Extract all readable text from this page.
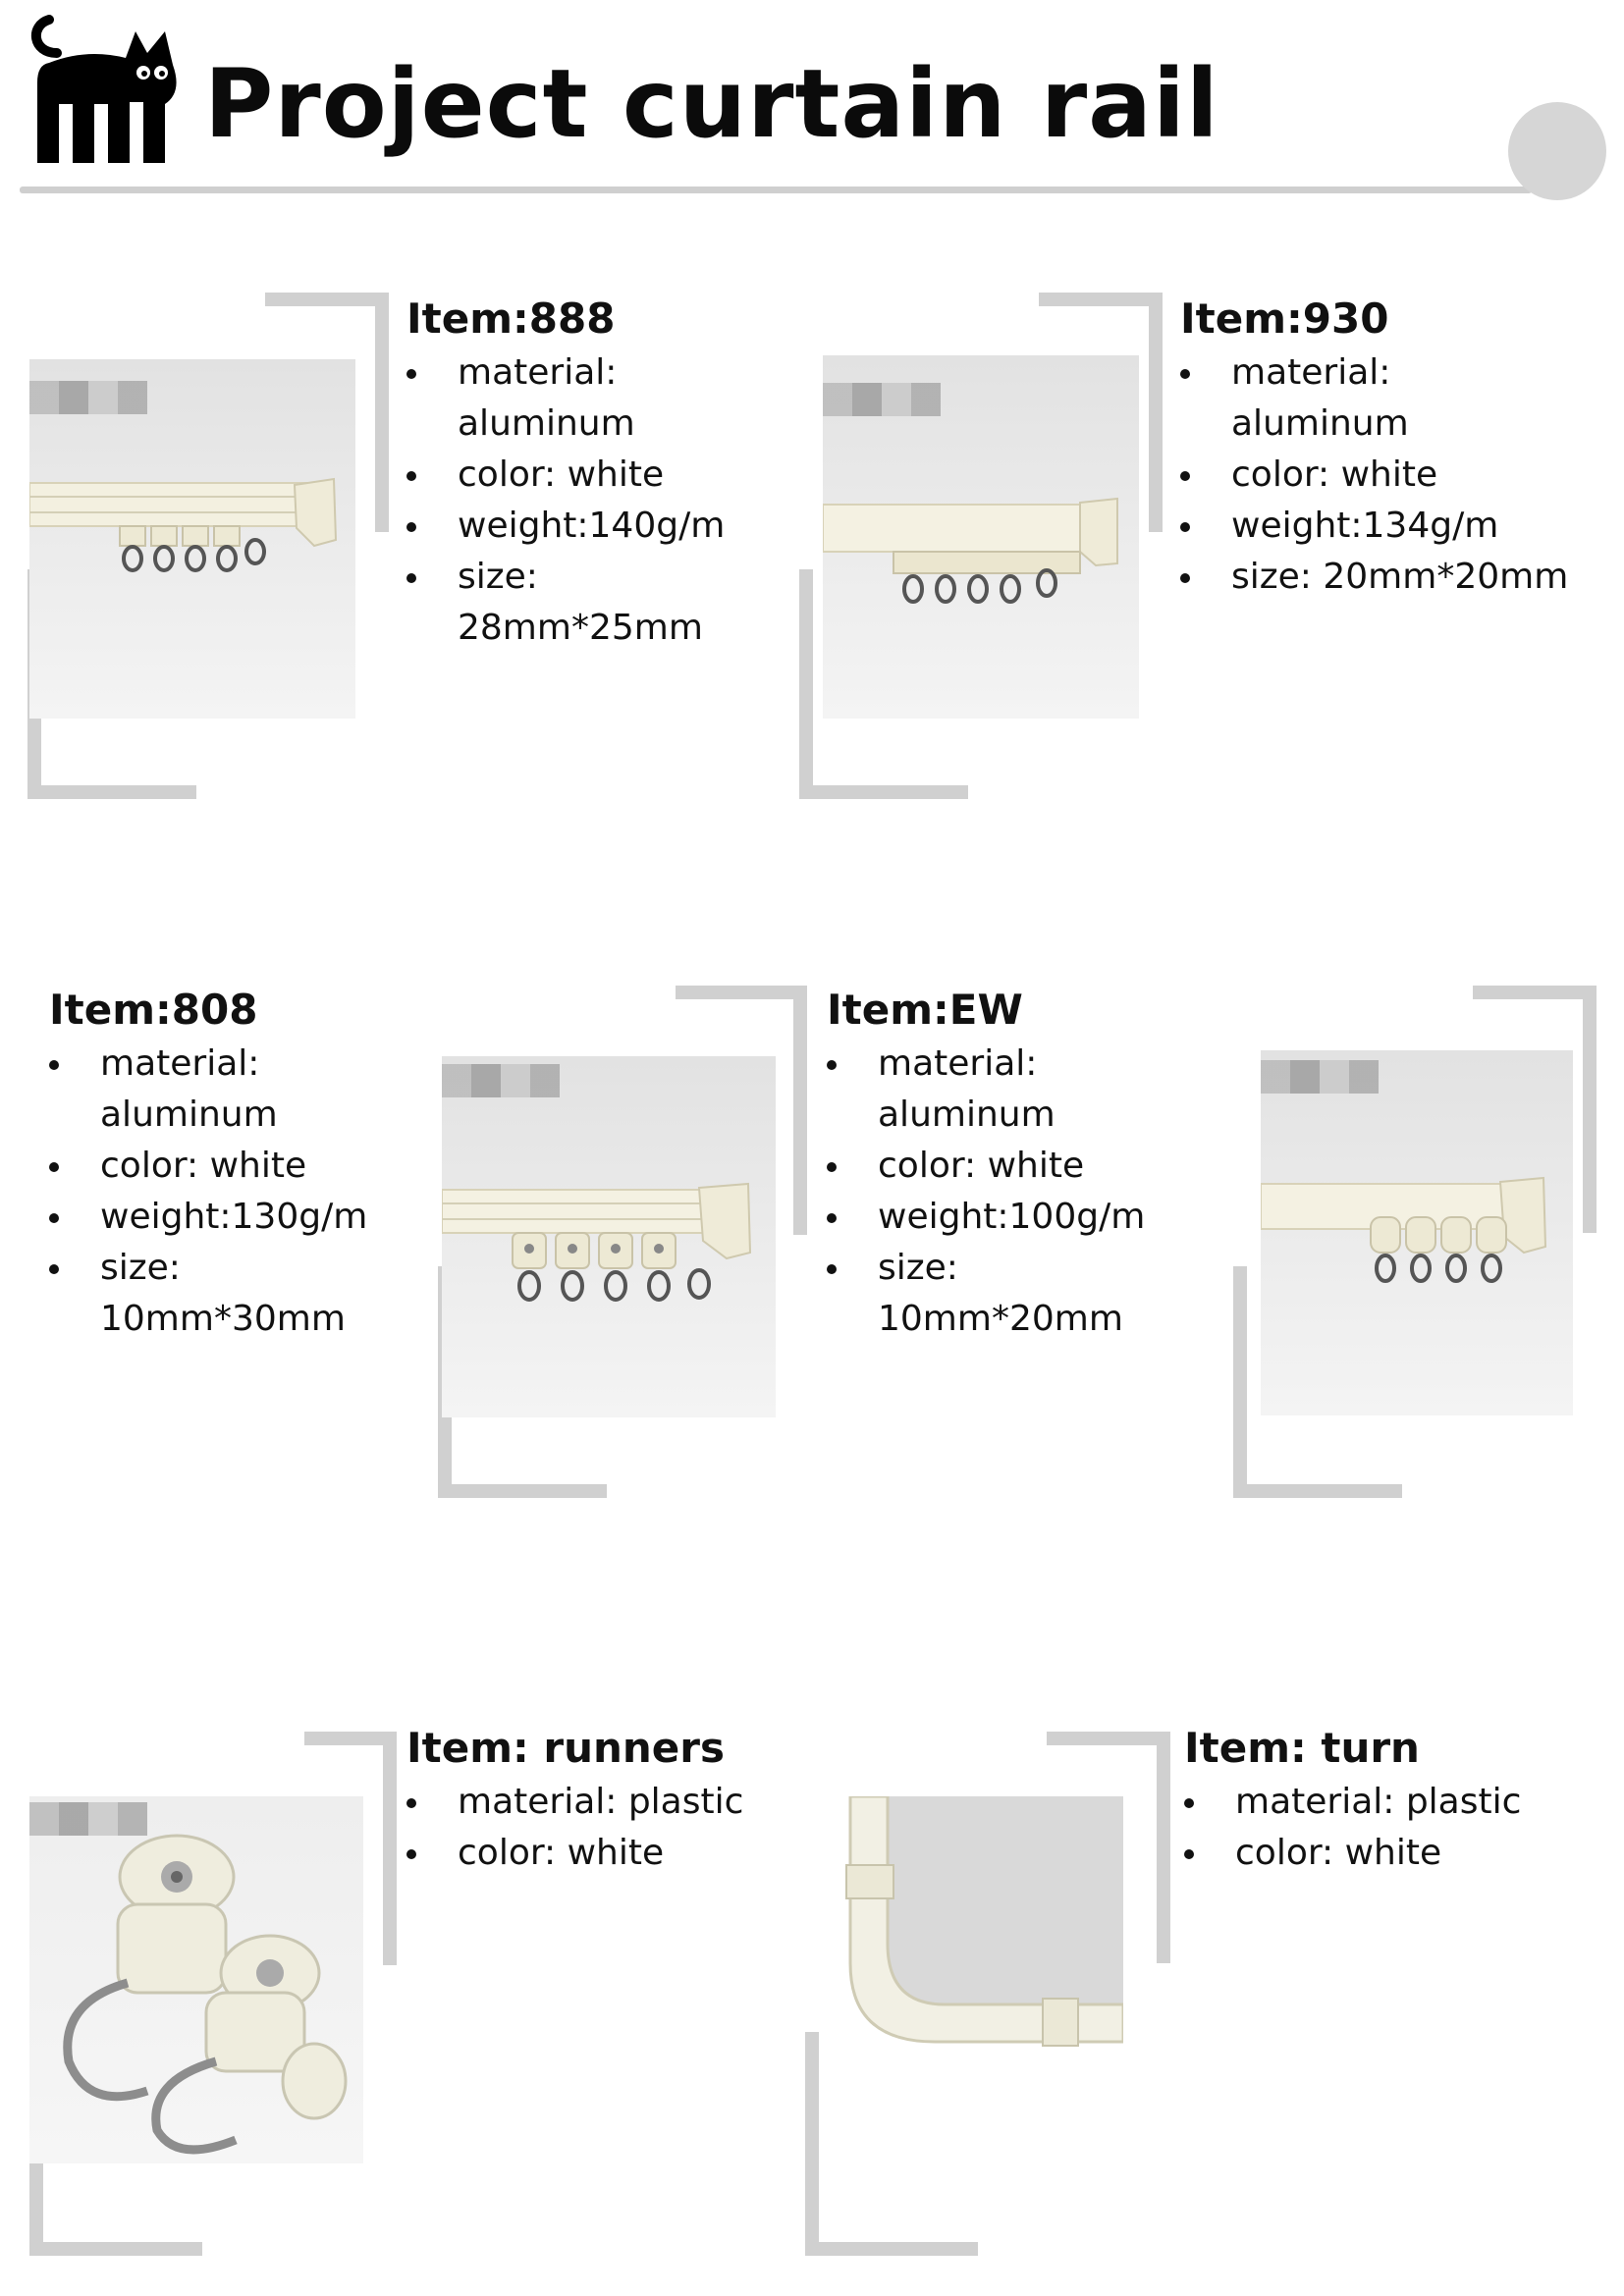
Project curtain rail
Item:888
material:
aluminum
color: white
weight:140g/m
size:
28mm*25mm
Item:930
material:
aluminum
color: white
weight:134g/m
size: 20mm*20mm
Item:808
material:
aluminum
color: white
weight:130g/m
size:
10mm*30mm
Item:EW
material:
aluminum
color: white
weight:100g/m
size:
10mm*20mm
Item: runners
material: plastic
color: white
Item: turn
material: plastic
color: white
